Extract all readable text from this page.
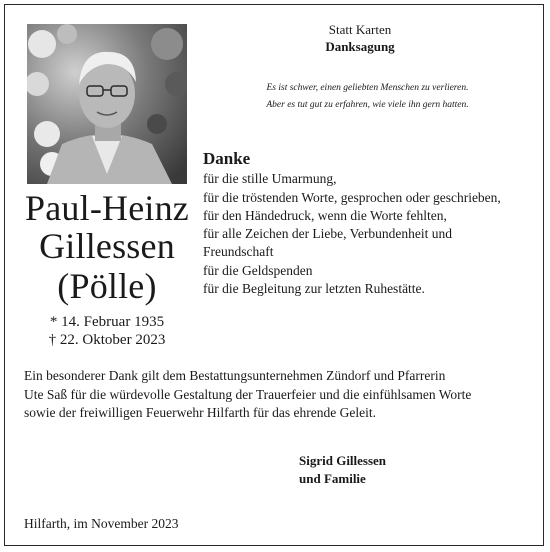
Paul-Heinz
Gillessen
(Pölle)
* 14. Februar 1935
† 22. Oktober 2023
Statt Karten
Danksagung
Es ist schwer, einen geliebten Menschen zu verlieren.
Aber es tut gut zu erfahren, wie viele ihn gern hatten.
Danke
für die stille Umarmung,
für die tröstenden Worte, gesprochen oder geschrieben,
für den Händedruck, wenn die Worte fehlten,
für alle Zeichen der Liebe, Verbundenheit und
Freundschaft
für die Geldspenden
für die Begleitung zur letzten Ruhestätte.
Ein besonderer Dank gilt dem Bestattungsunternehmen Zündorf und Pfarrerin
Ute Saß für die würdevolle Gestaltung der Trauerfeier und die einfühlsamen Worte
sowie der freiwilligen Feuerwehr Hilfarth für das ehrende Geleit.
Sigrid Gillessen
und Familie
Hilfarth, im November 2023
